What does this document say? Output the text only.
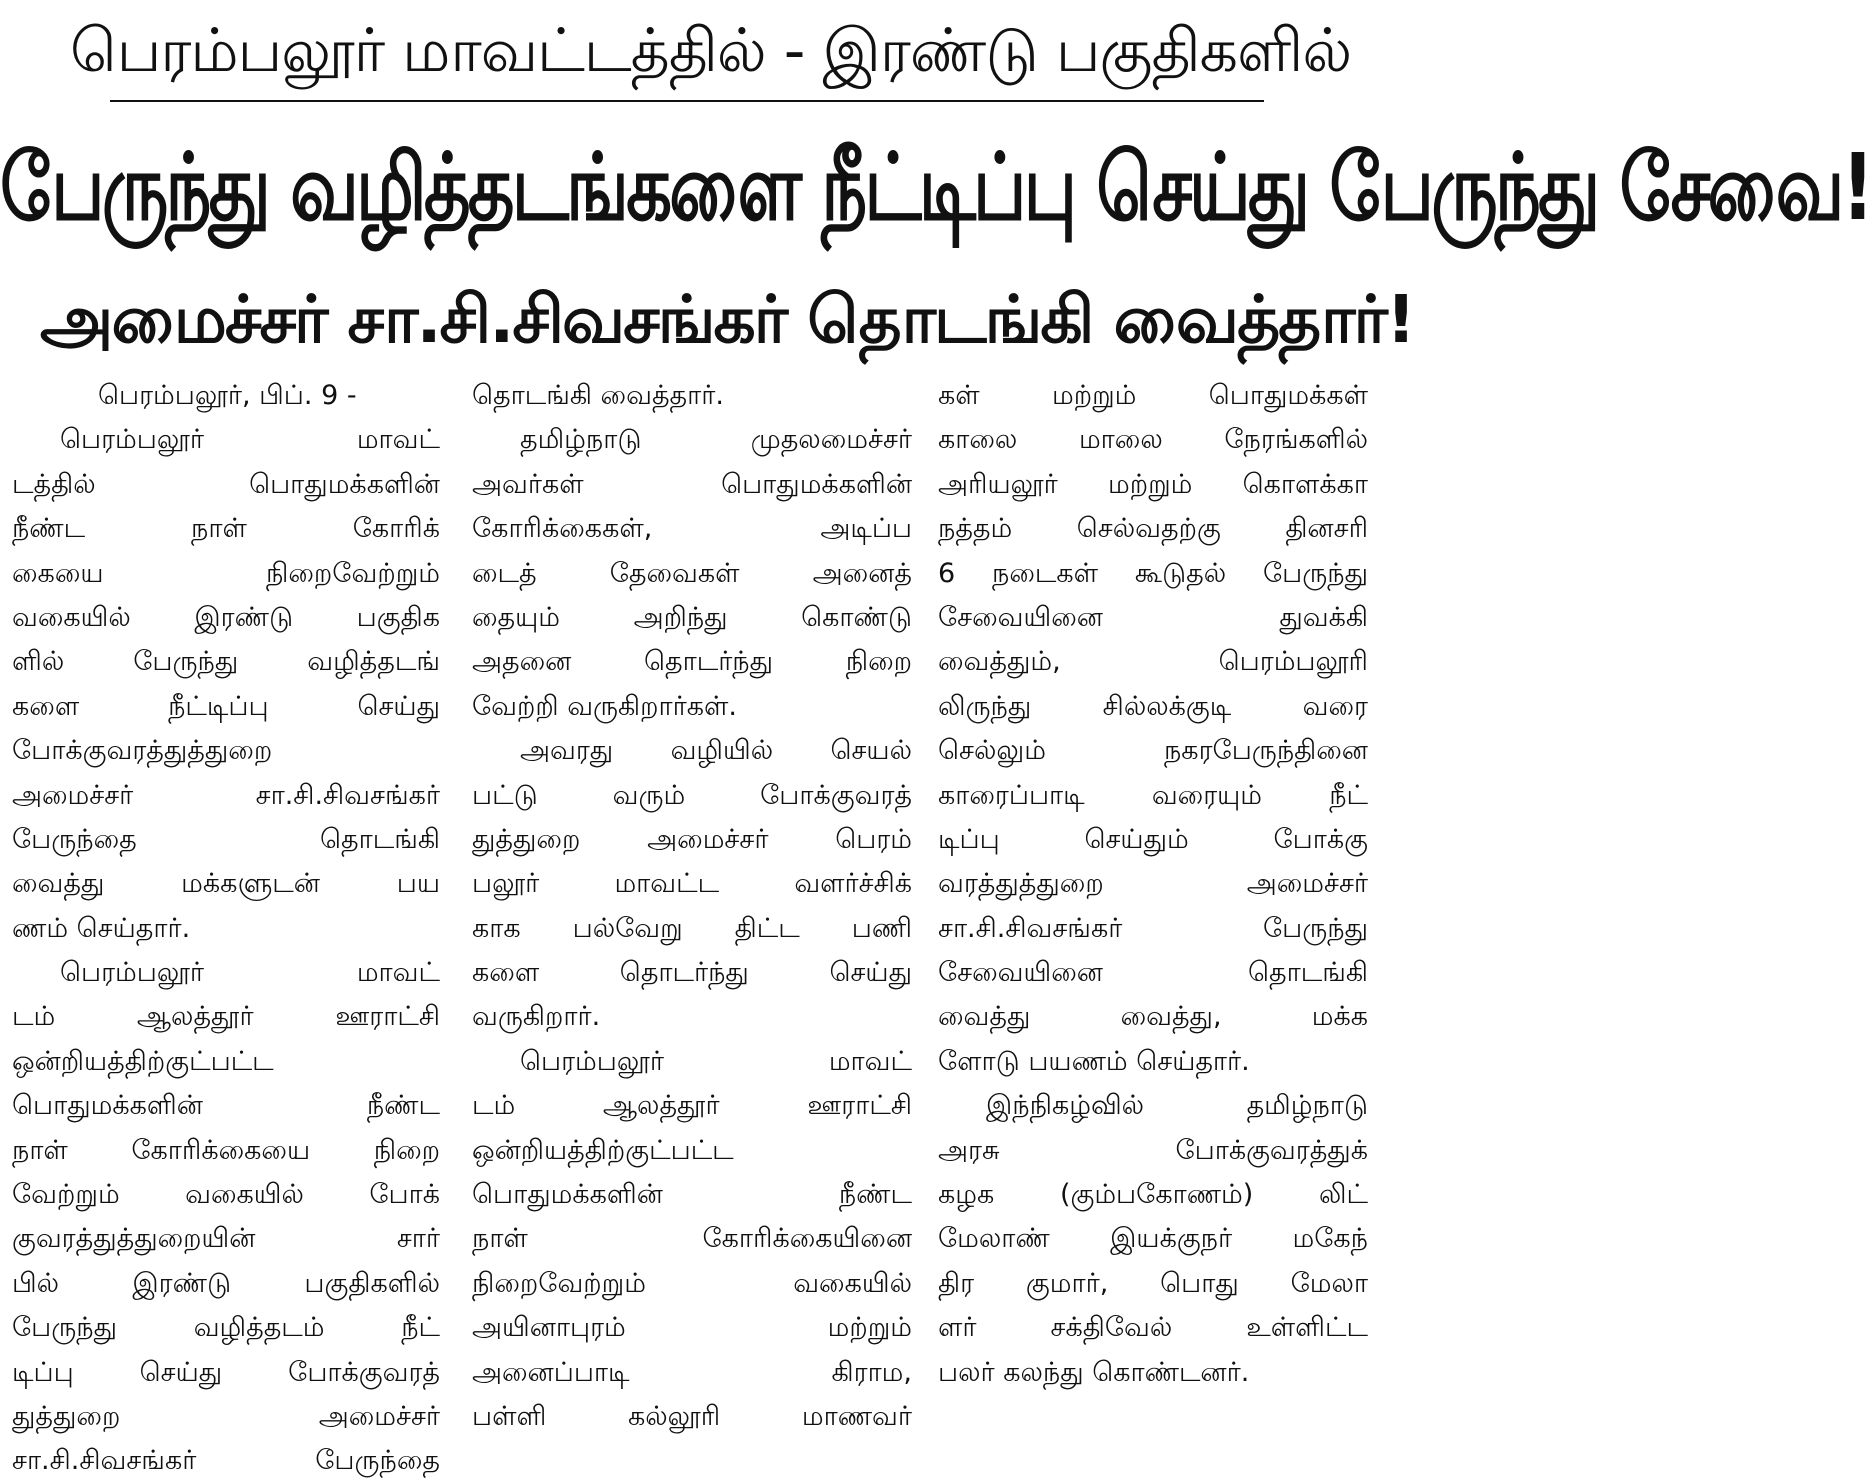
பெரம்பலூர் மாவட்டத்தில் - இரண்டு பகுதிகளில்
பேருந்து வழித்தடங்களை நீட்டிப்பு செய்து பேருந்து சேவை!
அமைச்சர் சா.சி.சிவசங்கர் தொடங்கி வைத்தார்!
பெரம்பலூர், பிப். 9 -
பெரம்பலூர் மாவட்
டத்தில் பொதுமக்களின்
நீண்ட நாள் கோரிக்
கையை நிறைவேற்றும்
வகையில் இரண்டு பகுதிக
ளில் பேருந்து வழித்தடங்
களை நீட்டிப்பு செய்து
போக்குவரத்துத்துறை
அமைச்சர் சா.சி.சிவசங்கர்
பேருந்தை தொடங்கி
வைத்து மக்களுடன் பய
ணம் செய்தார்.
பெரம்பலூர் மாவட்
டம் ஆலத்தூர் ஊராட்சி
ஒன்றியத்திற்குட்பட்ட
பொதுமக்களின் நீண்ட
நாள் கோரிக்கையை நிறை
வேற்றும் வகையில் போக்
குவரத்துத்துறையின் சார்
பில் இரண்டு பகுதிகளில்
பேருந்து வழித்தடம் நீட்
டிப்பு செய்து போக்குவரத்
துத்துறை அமைச்சர்
சா.சி.சிவசங்கர் பேருந்தை
தொடங்கி வைத்தார்.
தமிழ்நாடு முதலமைச்சர்
அவர்கள் பொதுமக்களின்
கோரிக்கைகள், அடிப்ப
டைத் தேவைகள் அனைத்
தையும் அறிந்து கொண்டு
அதனை தொடர்ந்து நிறை
வேற்றி வருகிறார்கள்.
அவரது வழியில் செயல்
பட்டு வரும் போக்குவரத்
துத்துறை அமைச்சர் பெரம்
பலூர் மாவட்ட வளர்ச்சிக்
காக பல்வேறு திட்ட பணி
களை தொடர்ந்து செய்து
வருகிறார்.
பெரம்பலூர் மாவட்
டம் ஆலத்தூர் ஊராட்சி
ஒன்றியத்திற்குட்பட்ட
பொதுமக்களின் நீண்ட
நாள் கோரிக்கையினை
நிறைவேற்றும் வகையில்
அயினாபுரம் மற்றும்
அனைப்பாடி கிராம,
பள்ளி கல்லூரி மாணவர்
கள் மற்றும் பொதுமக்கள்
காலை மாலை நேரங்களில்
அரியலூர் மற்றும் கொளக்கா
நத்தம் செல்வதற்கு தினசரி
6 நடைகள் கூடுதல் பேருந்து
சேவையினை துவக்கி
வைத்தும், பெரம்பலூரி
லிருந்து சில்லக்குடி வரை
செல்லும் நகரபேருந்தினை
காரைப்பாடி வரையும் நீட்
டிப்பு செய்தும் போக்கு
வரத்துத்துறை அமைச்சர்
சா.சி.சிவசங்கர் பேருந்து
சேவையினை தொடங்கி
வைத்து வைத்து, மக்க
ளோடு பயணம் செய்தார்.
இந்நிகழ்வில் தமிழ்நாடு
அரசு போக்குவரத்துக்
கழக (கும்பகோணம்) லிட்
மேலாண் இயக்குநர் மகேந்
திர குமார், பொது மேலா
ளர் சக்திவேல் உள்ளிட்ட
பலர் கலந்து கொண்டனர்.
